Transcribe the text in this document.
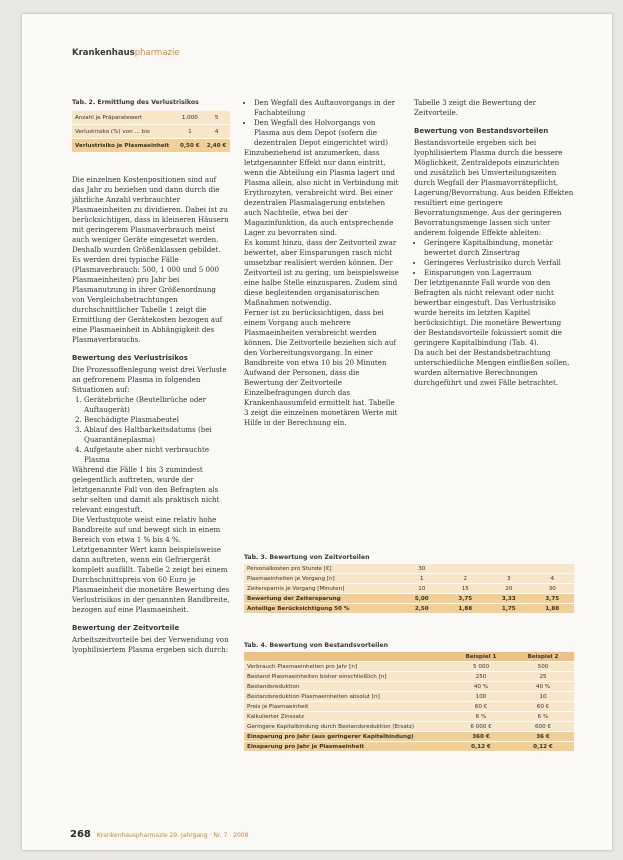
Krankenhauspharmazie
Tab. 2. Ermittlung des Verlustrisikos
Anzahl je Präparatewert	1.000	5
Verlustrisiko (%) von … bis	1	4
Verlustrisiko je Plasmaeinheit	0,50 €	2,40 €

Die einzelnen Kostenpositionen sind auf das Jahr zu beziehen und dann durch die jährliche Anzahl verbrauchter Plasmaeinheiten zu dividieren. Dabei ist zu berücksichtigen, dass in kleineren Häusern mit geringerem Plasmaverbrauch meist auch weniger Geräte eingesetzt werden. Deshalb wurden Größenklassen gebildet. Es werden drei typische Fälle (Plasmaverbrauch: 500, 1 000 und 5 000 Plasmaeinheiten) pro Jahr bei Plasmanutzung in ihrer Größenordnung von Vergleichsbetrachtungen durchschnittlicher Tabelle 1 zeigt die Ermittlung der Gerätekosten bezogen auf eine Plasmaeinheit in Abhängigkeit des Plasmaverbrauchs.

Bewertung des Verlustrisikos

Die Prozessoffenlegung weist drei Verluste an gefrorenem Plasma in folgenden Situationen auf:

1. Gerätebrüche (Beutelbrüche oder Auftaugerät)
2. Beschädigte Plasmabeutel
3. Ablauf des Haltbarkeitsdatums (bei Quarantäneplasma)
4. Aufgetaute aber nicht verbrauchte Plasma

Während die Fälle 1 bis 3 zumindest gelegentlich auftreten, wurde der letztgenannte Fall von den Befragten als sehr selten und damit als praktisch nicht relevant eingestuft.

Die Verlustquote weist eine relativ hohe Bandbreite auf und bewegt sich in einem Bereich von etwa 1 % bis 4 %. Letztgenannter Wert kann beispielsweise dann auftreten, wenn ein Gefriergerät komplett ausfällt. Tabelle 2 zeigt bei einem Durchschnittspreis von 60 Euro je Plasmaeinheit die monetäre Bewertung des Verlustrisikos in der genannten Bandbreite, bezogen auf eine Plasmaeinheit.

Bewertung der Zeitvorteile

Arbeitszeitvorteile bei der Verwendung von lyophilisiertem Plasma ergeben sich durch:

• Den Wegfall des Auftauvorgangs in der Fachabteilung
• Den Wegfall des Holvorgangs von Plasma aus dem Depot (sofern die dezentralen Depot eingerichtet wird)

Einzubeziehend ist anzumerken, dass letztgenannter Effekt nur dann eintritt, wenn die Abteilung ein Plasma lagert und Plasma allein, also nicht in Verbindung mit Erythrozyten, verabreicht wird. Bei einer dezentralen Plasmalagerung entstehen auch Nachteile, etwa bei der Magazinfunktion, da auch entsprechende Lager zu bevorraten sind.

Es kommt hinzu, dass der Zeitvorteil zwar bewertet, aber Einsparungen rasch nicht umsetzbar realisiert werden können. Der Zeitvorteil ist zu gering, um beispielsweise eine halbe Stelle einzusparen. Zudem sind diese begleitenden organisatorischen Maßnahmen notwendig.

Ferner ist zu berücksichtigen, dass bei einem Vorgang auch mehrere Plasmaeinheiten verabreicht werden können. Die Zeitvorteile beziehen sich auf den Vorbereitungsvorgang. In einer Bandbreite von etwa 10 bis 20 Minuten Aufwand der Personen, dass die Bewertung der Zeitvorteile Einzelbefragungen durch das Krankenhausumfeld ermittelt hat. Tabelle 3 zeigt die einzelnen monetären Werte mit Hilfe in der Berechnung ein.

Tabelle 3 zeigt die Bewertung der Zeitvorteile.

Bewertung von Bestandsvorteilen

Bestandsvorteile ergeben sich bei lyophilisiertem Plasma durch die bessere Möglichkeit, Zentraldepots einzurichten und zusätzlich bei Umverteilungszeiten durch Wegfall der Plasmavorrätepflicht, Lagerung/Bevorratung. Aus beiden Effekten resultiert eine geringere Bevorratungsmenge. Aus der geringeren Bevorratungsmenge lassen sich unter anderem folgende Effekte ableiten:

• Geringere Kapitalbindung, monetär bewertet durch Zinsertrag
• Geringeres Verlustrisiko durch Verfall
• Einsparungen von Lagerraum

Der letztgenannte Fall wurde von den Befragten als nicht relevant oder nicht bewertbar eingestuft. Das Verlustrisiko wurde bereits im letzten Kapitel berücksichtigt. Die monetäre Bewertung der Bestandsvorteile fokussiert somit die geringere Kapitalbindung (Tab. 4).

Da auch bei der Bestandsbetrachtung unterschiedliche Mengen einfließen sollen, wurden alternative Berechnungen durchgeführt und zwei Fälle betrachtet.

Tab. 3. Bewertung von Zeitvorteilen
Personalkosten pro Stunde [€]	30			
Plasmaeinheiten je Vorgang [n]	1	2	3	4
Zeitersparnis je Vorgang [Minuten]	10	15	20	30
Bewertung der Zeitersparung	5,00	3,75	3,33	3,75
Anteilige Berücksichtigung 50 %	2,50	1,88	1,75	1,88
Tab. 4. Bewertung von Bestandsvorteilen
	Beispiel 1	Beispiel 2
Verbrauch Plasmaeinheiten pro Jahr [n]	5 000	500
Bestand Plasmaeinheiten bisher einschließlich [n]	250	25
Bestandsreduktion	40 %	40 %
Bestandsreduktion Plasmaeinheiten absolut [n]	100	10
Preis je Plasmaeinheit	60 €	60 €
Kalkulierter Zinssatz	6 %	6 %
Geringere Kapitalbindung durch Bestandsreduktion (Ersatz)	6 000 €	600 €
Einsparung pro Jahr (aus geringerer Kapitalbindung)	360 €	36 €
Einsparung pro Jahr je Plasmaeinheit	0,12 €	0,12 €
268 Krankenhauspharmazie 29. Jahrgang · Nr. 7 · 2008
